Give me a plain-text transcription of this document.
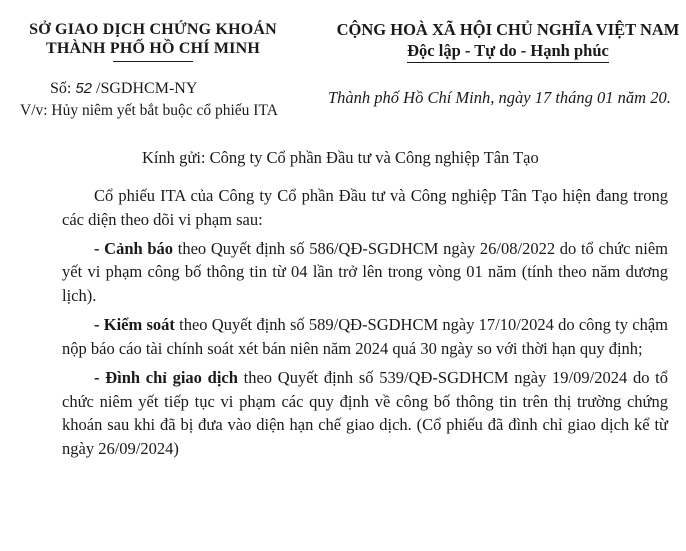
SỞ GIAO DỊCH CHỨNG KHOÁN
THÀNH PHỐ HỒ CHÍ MINH
Số: 52 /SGDHCM-NY
V/v: Hủy niêm yết bắt buộc cổ phiếu ITA
CỘNG HOÀ XÃ HỘI CHỦ NGHĨA VIỆT NAM
Độc lập - Tự do - Hạnh phúc
Thành phố Hồ Chí Minh, ngày 17 tháng 01 năm 20.
Kính gửi: Công ty Cổ phần Đầu tư và Công nghiệp Tân Tạo

Cổ phiếu ITA của Công ty Cổ phần Đầu tư và Công nghiệp Tân Tạo hiện đang trong các diện theo dõi vi phạm sau:

- Cảnh báo theo Quyết định số 586/QĐ-SGDHCM ngày 26/08/2022 do tổ chức niêm yết vi phạm công bố thông tin từ 04 lần trở lên trong vòng 01 năm (tính theo năm dương lịch).

- Kiểm soát theo Quyết định số 589/QĐ-SGDHCM ngày 17/10/2024 do công ty chậm nộp báo cáo tài chính soát xét bán niên năm 2024 quá 30 ngày so với thời hạn quy định;

- Đình chỉ giao dịch theo Quyết định số 539/QĐ-SGDHCM ngày 19/09/2024 do tổ chức niêm yết tiếp tục vi phạm các quy định về công bố thông tin trên thị trường chứng khoán sau khi đã bị đưa vào diện hạn chế giao dịch. (Cổ phiếu đã đình chỉ giao dịch kể từ ngày 26/09/2024)
